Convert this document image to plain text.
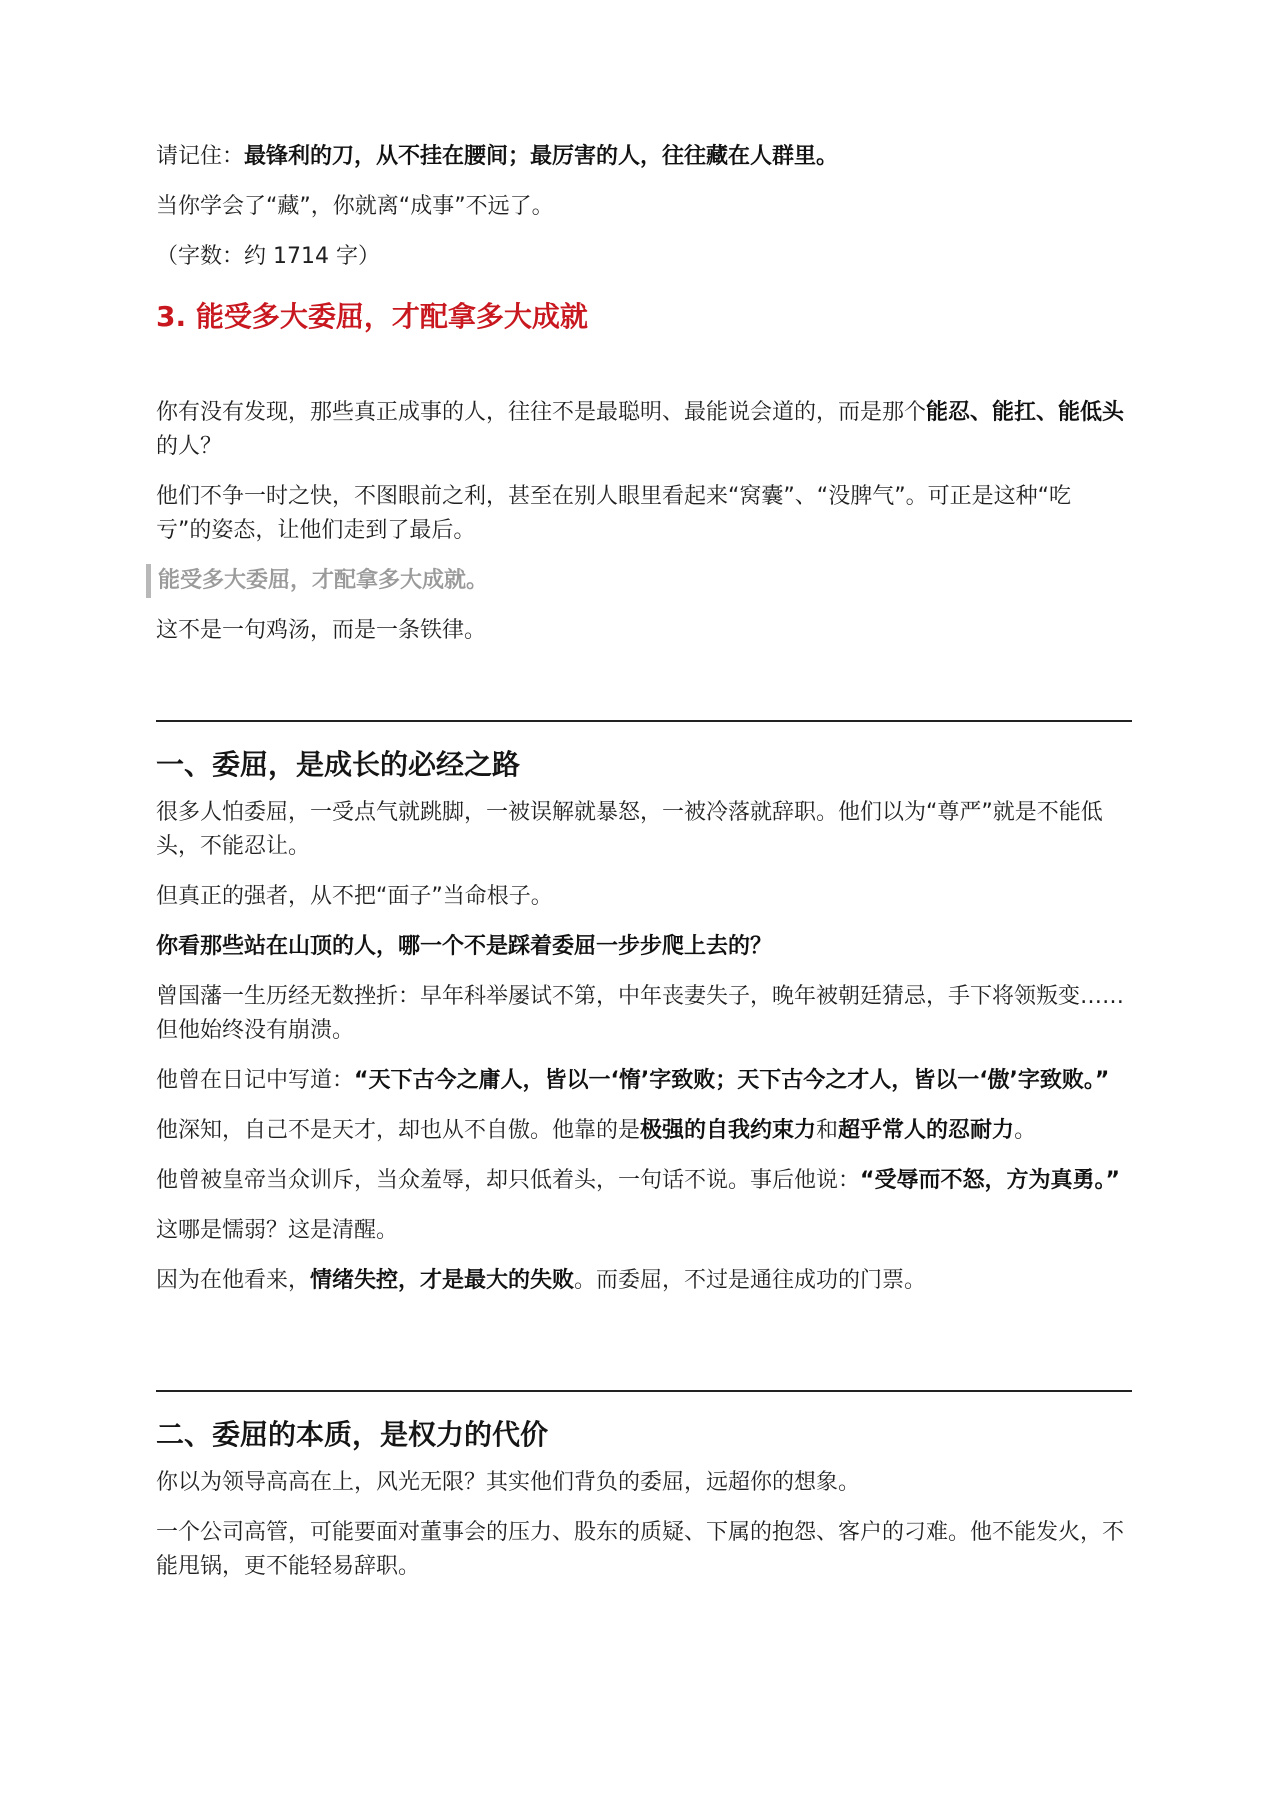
请记住：最锋利的刀，从不挂在腰间；最厉害的人，往往藏在人群里。

当你学会了“藏”，你就离“成事”不远了。

（字数：约 1714 字）

3. 能受多大委屈，才配拿多大成就

你有没有发现，那些真正成事的人，往往不是最聪明、最能说会道的，而是那个能忍、能扛、能低头的人？

他们不争一时之快，不图眼前之利，甚至在别人眼里看起来“窝囊”、“没脾气”。可正是这种“吃亏”的姿态，让他们走到了最后。

能受多大委屈，才配拿多大成就。

这不是一句鸡汤，而是一条铁律。

一、委屈，是成长的必经之路

很多人怕委屈，一受点气就跳脚，一被误解就暴怒，一被冷落就辞职。他们以为“尊严”就是不能低头，不能忍让。

但真正的强者，从不把“面子”当命根子。

你看那些站在山顶的人，哪一个不是踩着委屈一步步爬上去的？

曾国藩一生历经无数挫折：早年科举屡试不第，中年丧妻失子，晚年被朝廷猜忌，手下将领叛变……但他始终没有崩溃。

他曾在日记中写道：“天下古今之庸人，皆以一‘惰’字致败；天下古今之才人，皆以一‘傲’字致败。”

他深知，自己不是天才，却也从不自傲。他靠的是极强的自我约束力和超乎常人的忍耐力。

他曾被皇帝当众训斥，当众羞辱，却只低着头，一句话不说。事后他说：“受辱而不怒，方为真勇。”

这哪是懦弱？这是清醒。

因为在他看来，情绪失控，才是最大的失败。而委屈，不过是通往成功的门票。

二、委屈的本质，是权力的代价

你以为领导高高在上，风光无限？其实他们背负的委屈，远超你的想象。

一个公司高管，可能要面对董事会的压力、股东的质疑、下属的抱怨、客户的刁难。他不能发火，不能甩锅，更不能轻易辞职。
